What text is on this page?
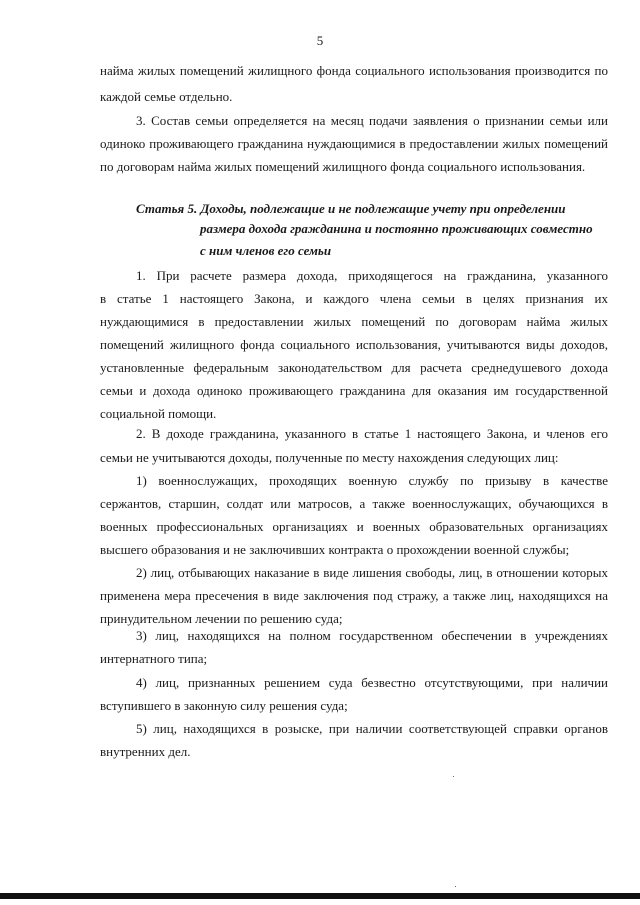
5
найма жилых помещений жилищного фонда социального использования производится по
каждой семье отдельно.
3. Состав семьи определяется на месяц подачи заявления о признании семьи или
одиноко проживающего гражданина нуждающимися в предоставлении жилых помещений
по договорам найма жилых помещений жилищного фонда социального использования.
Статья 5. Доходы, подлежащие и не подлежащие учету при определении
размера дохода гражданина и постоянно проживающих совместно
с ним членов его семьи
1. При расчете размера дохода, приходящегося на гражданина, указанного
в статье 1 настоящего Закона, и каждого члена семьи в целях признания их
нуждающимися в предоставлении жилых помещений по договорам найма жилых
помещений жилищного фонда социального использования, учитываются виды доходов,
установленные федеральным законодательством для расчета среднедушевого дохода
семьи и дохода одиноко проживающего гражданина для оказания им государственной
социальной помощи.
2. В доходе гражданина, указанного в статье 1 настоящего Закона, и членов его
семьи не учитываются доходы, полученные по месту нахождения следующих лиц:
1) военнослужащих, проходящих военную службу по призыву в качестве
сержантов, старшин, солдат или матросов, а также военнослужащих, обучающихся в
военных профессиональных организациях и военных образовательных организациях
высшего образования и не заключивших контракта о прохождении военной службы;
2) лиц, отбывающих наказание в виде лишения свободы, лиц, в отношении которых
применена мера пресечения в виде заключения под стражу, а также лиц, находящихся на
принудительном лечении по решению суда;
3) лиц, находящихся на полном государственном обеспечении в учреждениях
интернатного типа;
4) лиц, признанных решением суда безвестно отсутствующими, при наличии
вступившего в законную силу решения суда;
5) лиц, находящихся в розыске, при наличии соответствующей справки органов
внутренних дел.
